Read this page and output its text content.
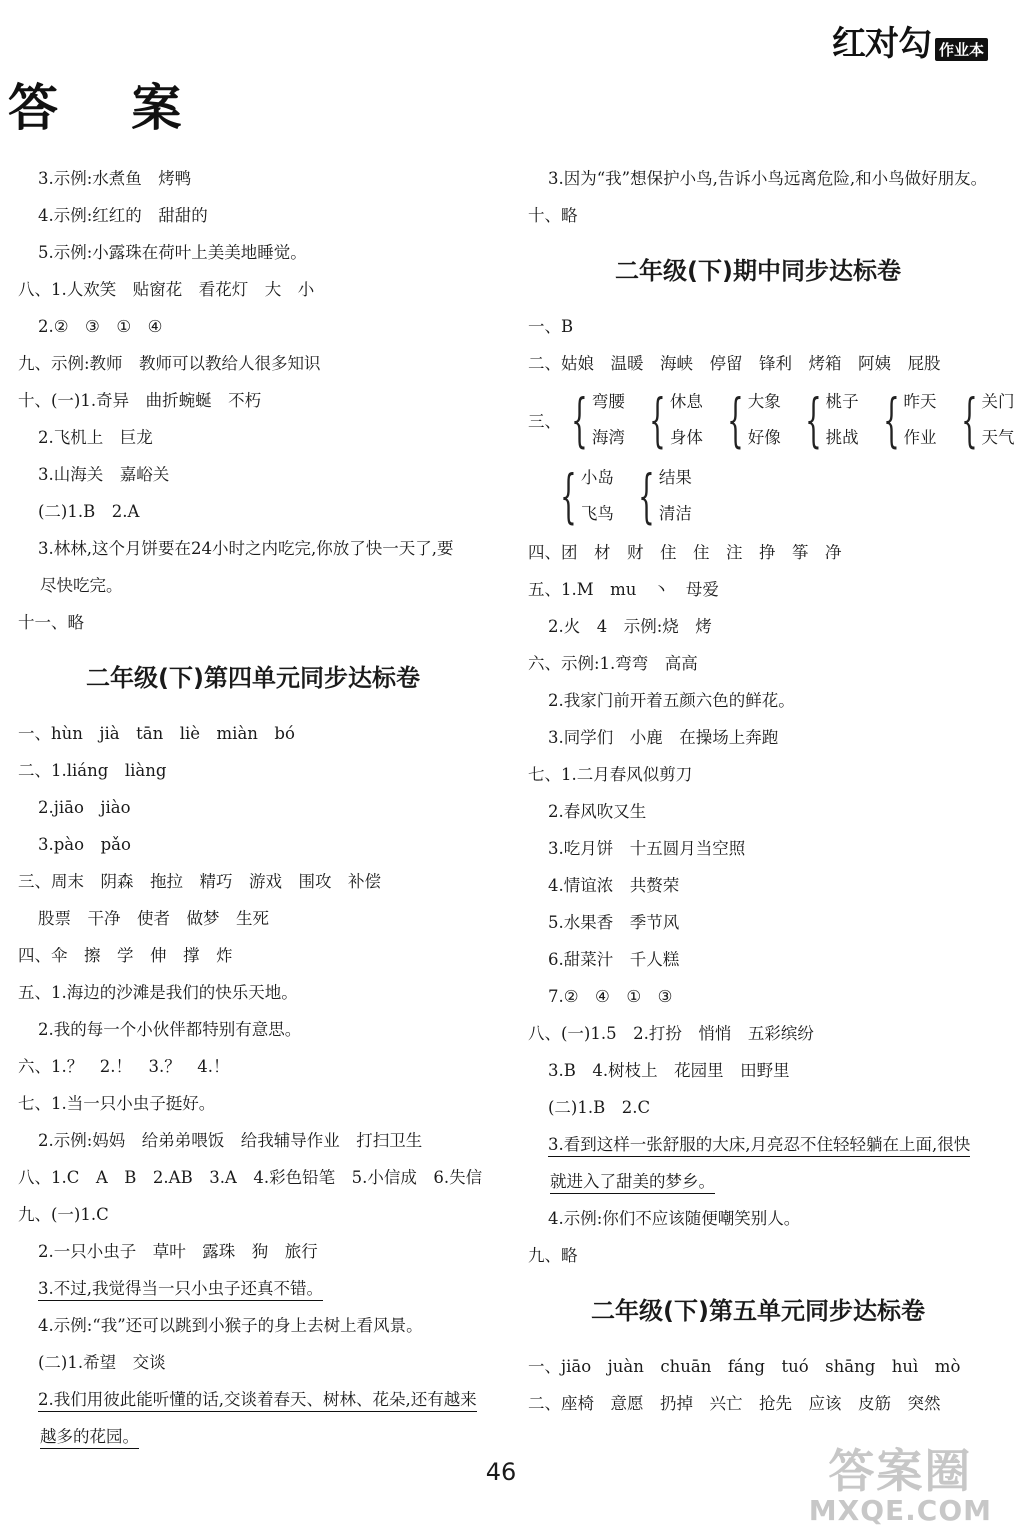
红对勾 作业本
答 案
3.示例:水煮鱼　烤鸭
4.示例:红红的　甜甜的
5.示例:小露珠在荷叶上美美地睡觉。
八、1.人欢笑　贴窗花　看花灯　大　小
2.②　③　①　④
九、示例:教师　教师可以教给人很多知识
十、(一)1.奇异　曲折蜿蜒　不朽
2.飞机上　巨龙
3.山海关　嘉峪关
(二)1.B　2.A
3.林林,这个月饼要在24小时之内吃完,你放了快一天了,要
尽快吃完。
十一、略
二年级(下)第四单元同步达标卷
一、hùn　jià　tān　liè　miàn　bó
二、1.liáng　liàng
2.jiāo　jiào
3.pào　pǎo
三、周末　阴森　拖拉　精巧　游戏　围攻　补偿
股票　干净　使者　做梦　生死
四、伞　擦　学　伸　撑　炸
五、1.海边的沙滩是我们的快乐天地。
2.我的每一个小伙伴都特别有意思。
六、1.？　2.！　3.？　4.！
七、1.当一只小虫子挺好。
2.示例:妈妈　给弟弟喂饭　给我辅导作业　打扫卫生
八、1.C　A　B　2.AB　3.A　4.彩色铅笔　5.小信成　6.失信
九、(一)1.C
2.一只小虫子　草叶　露珠　狗　旅行
3.不过,我觉得当一只小虫子还真不错。
4.示例:“我”还可以跳到小猴子的身上去树上看风景。
(二)1.希望　交谈
2.我们用彼此能听懂的话,交谈着春天、树林、花朵,还有越来
越多的花园。
3.因为“我”想保护小鸟,告诉小鸟远离危险,和小鸟做好朋友。
十、略
二年级(下)期中同步达标卷
一、B
二、姑娘　温暖　海峡　停留　锋利　烤箱　阿姨　屁股
三、 { 弯腰
海湾 { 休息
身体 { 大象
好像 { 桃子
挑战 { 昨天
作业 { 关门
天气
{ 小岛
飞鸟 { 结果
清洁
四、团　材　财　住　住　注　挣　筝　净
五、1.M　mu　丶　母爱
2.火　4　示例:烧　烤
六、示例:1.弯弯　高高
2.我家门前开着五颜六色的鲜花。
3.同学们　小鹿　在操场上奔跑
七、1.二月春风似剪刀
2.春风吹又生
3.吃月饼　十五圆月当空照
4.情谊浓　共赘荣
5.水果香　季节风
6.甜菜汁　千人糕
7.②　④　①　③
八、(一)1.5　2.打扮　悄悄　五彩缤纷
3.B　4.树枝上　花园里　田野里
(二)1.B　2.C
3.看到这样一张舒服的大床,月亮忍不住轻轻躺在上面,很快
就进入了甜美的梦乡。
4.示例:你们不应该随便嘲笑别人。
九、略
二年级(下)第五单元同步达标卷
一、jiāo　juàn　chuān　fáng　tuó　shāng　huì　mò
二、座椅　意愿　扔掉　兴亡　抢先　应该　皮筋　突然
46	答案圈
MXQE.COM
